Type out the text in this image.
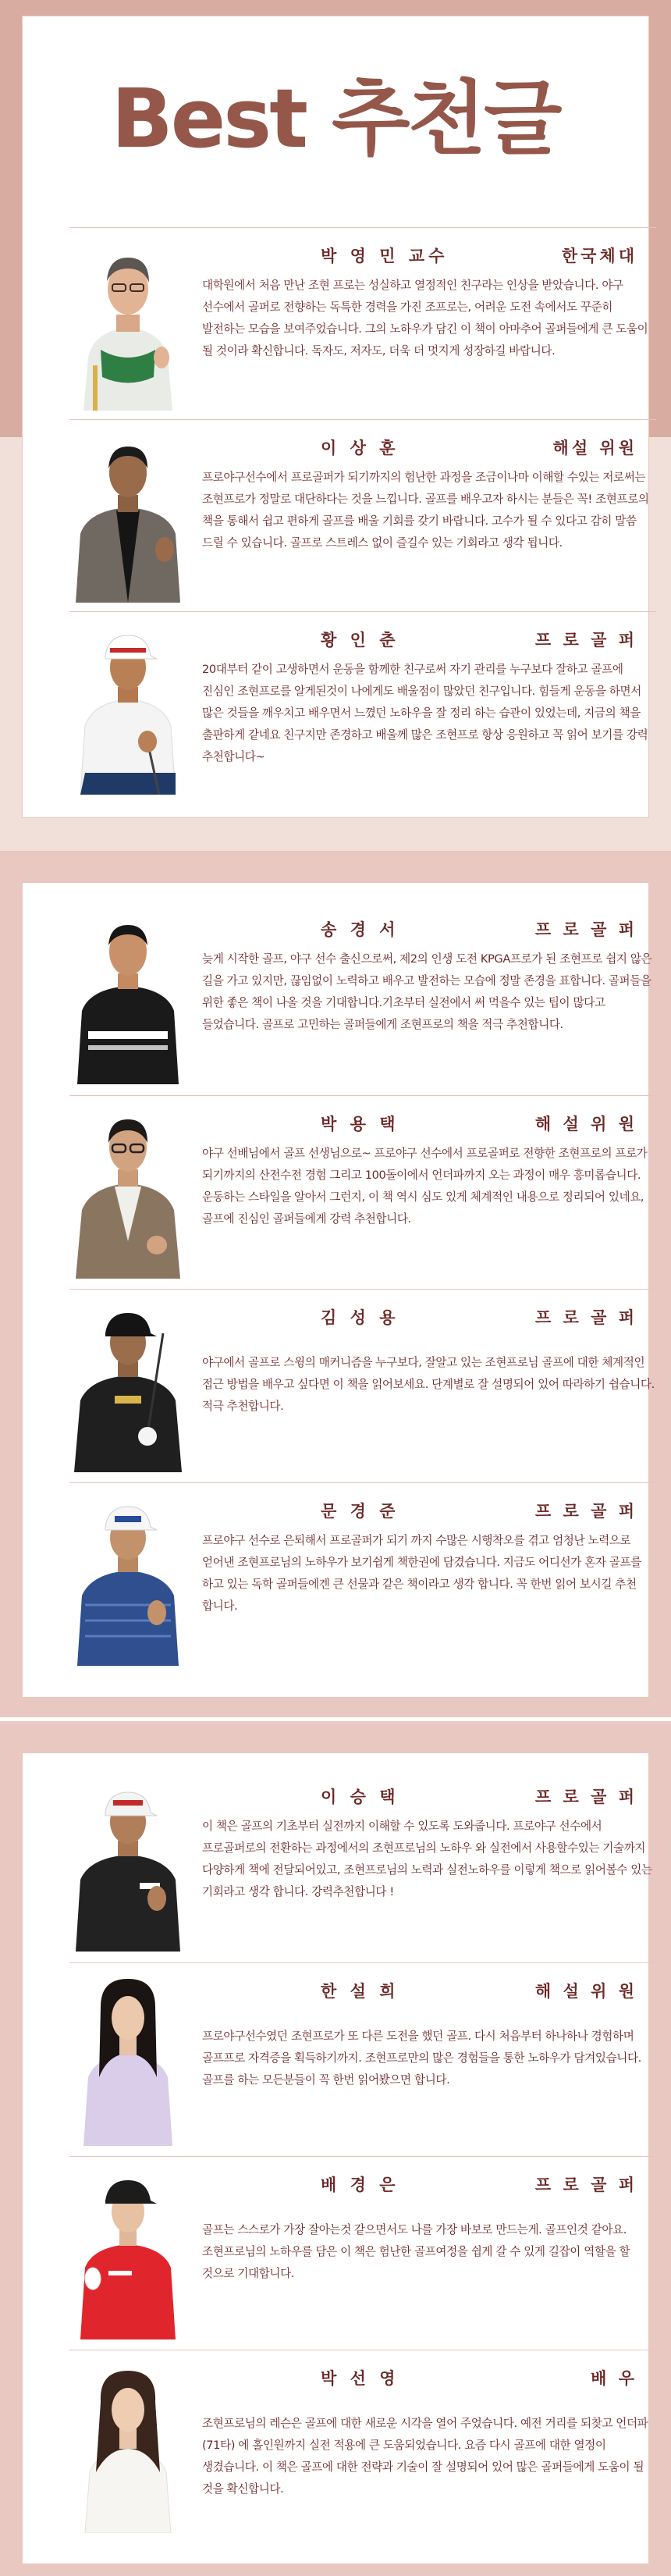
박 영 민 교수	한국체대
대학원에서 처음 만난 조현 프로는 성실하고 열정적인 친구라는 인상을 받았습니다. 야구 선수에서 골퍼로 전향하는 독특한 경력을 가진 조프로는, 어려운 도전 속에서도 꾸준히 발전하는 모습을 보여주었습니다. 그의 노하우가 담긴 이 책이 아마추어 골퍼들에게 큰 도움이 될 것이라 확신합니다. 독자도, 저자도, 더욱 더 멋지게 성장하길 바랍니다.
이 상 훈	해설 위원
프로야구선수에서 프로골퍼가 되기까지의 험난한 과정을 조금이나마 이해할 수있는 저로써는 조현프로가 정말로 대단하다는 것을 느낍니다. 골프를 배우고자 하시는 분들은 꼭! 조현프로의 책을 통해서 쉽고 편하게 골프를 배울 기회를 갖기 바랍니다. 고수가 될 수 있다고 감히 말씀 드릴 수 있습니다. 골프로 스트레스 없이 즐길수 있는 기회라고 생각 됩니다.
황 인 춘	프 로 골 퍼
20대부터 같이 고생하면서 운동을 함께한 친구로써 자기 관리를 누구보다 잘하고 골프에 진심인 조현프로를 알게된것이 나에게도 배울점이 많았던 친구입니다. 힘들게 운동을 하면서 많은 것들을 깨우치고 배우면서 느꼈던 노하우을 잘 정리 하는 습관이 있었는데, 지금의 책을 출판하게 같네요 친구지만 존경하고 배울께 많은 조현프로 항상 응원하고 꼭 읽어 보기를 강력 추천합니다~
Best 추천글
송 경 서	프 로 골 퍼
늦게 시작한 골프, 야구 선수 출신으로써, 제2의 인생 도전 KPGA프로가 된 조현프로 쉽지 않은 길을 가고 있지만, 끊임없이 노력하고 배우고 발전하는 모습에 정말 존경을 표합니다. 골퍼들을 위한 좋은 책이 나올 것을 기대합니다.기초부터 실전에서 써 먹을수 있는 팁이 많다고 들었습니다. 골프로 고민하는 골퍼들에게 조현프로의 책을 적극 추천합니다.
박 용 택	해 설 위 원
야구 선배님에서 골프 선생님으로~ 프로야구 선수에서 프로골퍼로 전향한 조현프로의 프로가 되기까지의 산전수전 경험 그리고 100돌이에서 언더파까지 오는 과정이 매우 흥미롭습니다. 운동하는 스타일을 알아서 그런지, 이 책 역시 심도 있게 체계적인 내용으로 정리되어 있네요, 골프에 진심인 골퍼들에게 강력 추천합니다.
김 성 용	프 로 골 퍼
야구에서 골프로 스윙의 매커니즘을 누구보다, 잘알고 있는 조현프로님 골프에 대한 체계적인 접근 방법을 배우고 싶다면 이 책을 읽어보세요. 단계별로 잘 설명되어 있어 따라하기 쉽습니다. 적극 추천합니다.
문 경 준	프 로 골 퍼
프로야구 선수로 은퇴해서 프로골퍼가 되기 까지 수많은 시행착오를 겪고 엄청난 노력으로 얻어낸 조현프로님의 노하우가 보기쉽게 책한권에 담겼습니다. 지금도 어디선가 혼자 골프를 하고 있는 독학 골퍼들에겐 큰 선물과 같은 책이라고 생각 합니다. 꼭 한번 읽어 보시길 추천 합니다.
이 승 택	프 로 골 퍼
이 책은 골프의 기초부터 실전까지 이해할 수 있도록 도와줍니다. 프로야구 선수에서 프로골퍼로의 전환하는 과정에서의 조현프로님의 노하우 와 실전에서 사용할수있는 기술까지 다양하게 책에 전달되어있고, 조현프로님의 노력과 실전노하우를 이렇게 책으로 읽어볼수 있는 기회라고 생각 합니다. 강력추천합니다 !
한 설 희	해 설 위 원
프로야구선수였던 조현프로가 또 다른 도전을 했던 골프. 다시 처음부터 하나하나 경험하며 골프프로 자격증을 획득하기까지. 조현프로만의 많은 경험들을 통한 노하우가 담겨있습니다. 골프를 하는 모든분들이 꼭 한번 읽어봤으면 합니다.
배 경 은	프 로 골 퍼
골프는 스스로가 가장 잘아는것 같으면서도 나를 가장 바보로 만드는게. 골프인것 같아요. 조현프로님의 노하우를 담은 이 책은 험난한 골프여정을 쉽게 갈 수 있게 길잡이 역할을 할 것으로 기대합니다.
박 선 영	배 우
조현프로님의 레슨은 골프에 대한 새로운 시각을 열어 주었습니다. 예전 거리를 되찾고 언더파(71타) 에 홀인원까지 실전 적용에 큰 도움되었습니다. 요즘 다시 골프에 대한 열정이 생겼습니다. 이 책은 골프에 대한 전략과 기술이 잘 설명되어 있어 많은 골퍼들에게 도움이 될 것을 확신합니다.
